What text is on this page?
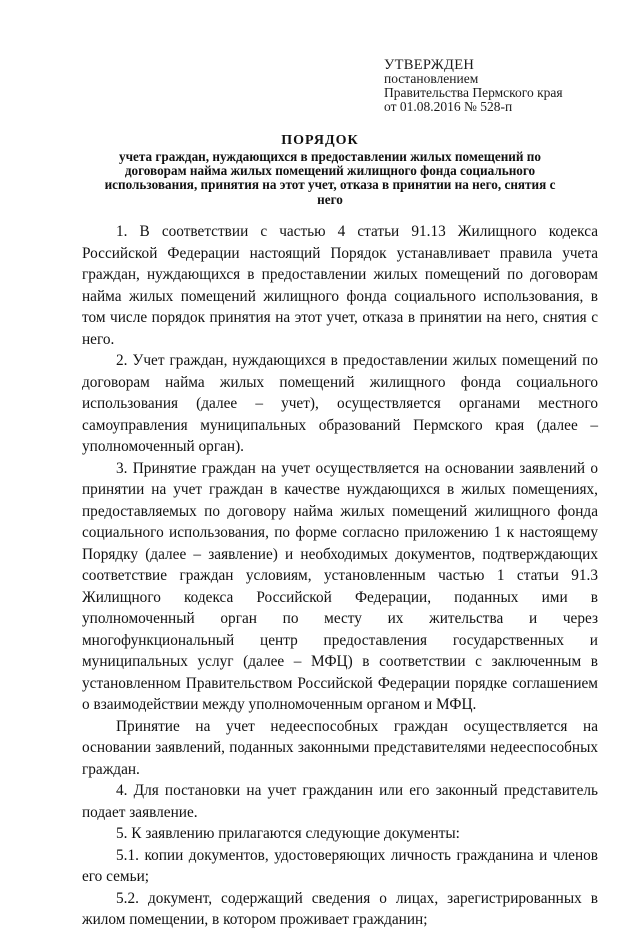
УТВЕРЖДЕН
постановлением
Правительства Пермского края
от 01.08.2016 № 528-п
ПОРЯДОК
учета граждан, нуждающихся в предоставлении жилых помещений по договорам найма жилых помещений жилищного фонда социального использования, принятия на этот учет, отказа в принятии на него, снятия с него

1. В соответствии с частью 4 статьи 91.13 Жилищного кодекса Российской Федерации настоящий Порядок устанавливает правила учета граждан, нуждающихся в предоставлении жилых помещений по договорам найма жилых помещений жилищного фонда социального использования, в том числе порядок принятия на этот учет, отказа в принятии на него, снятия с него.

2. Учет граждан, нуждающихся в предоставлении жилых помещений по договорам найма жилых помещений жилищного фонда социального использования (далее – учет), осуществляется органами местного самоуправления муниципальных образований Пермского края (далее – уполномоченный орган).

3. Принятие граждан на учет осуществляется на основании заявлений о принятии на учет граждан в качестве нуждающихся в жилых помещениях, предоставляемых по договору найма жилых помещений жилищного фонда социального использования, по форме согласно приложению 1 к настоящему Порядку (далее – заявление) и необходимых документов, подтверждающих соответствие граждан условиям, установленным частью 1 статьи 91.3 Жилищного кодекса Российской Федерации, поданных ими в уполномоченный орган по месту их жительства и через многофункциональный центр предоставления государственных и муниципальных услуг (далее – МФЦ) в соответствии с заключенным в установленном Правительством Российской Федерации порядке соглашением о взаимодействии между уполномоченным органом и МФЦ.

Принятие на учет недееспособных граждан осуществляется на основании заявлений, поданных законными представителями недееспособных граждан.

4. Для постановки на учет гражданин или его законный представитель подает заявление.

5. К заявлению прилагаются следующие документы:

5.1. копии документов, удостоверяющих личность гражданина и членов его семьи;

5.2. документ, содержащий сведения о лицах, зарегистрированных в жилом помещении, в котором проживает гражданин;
